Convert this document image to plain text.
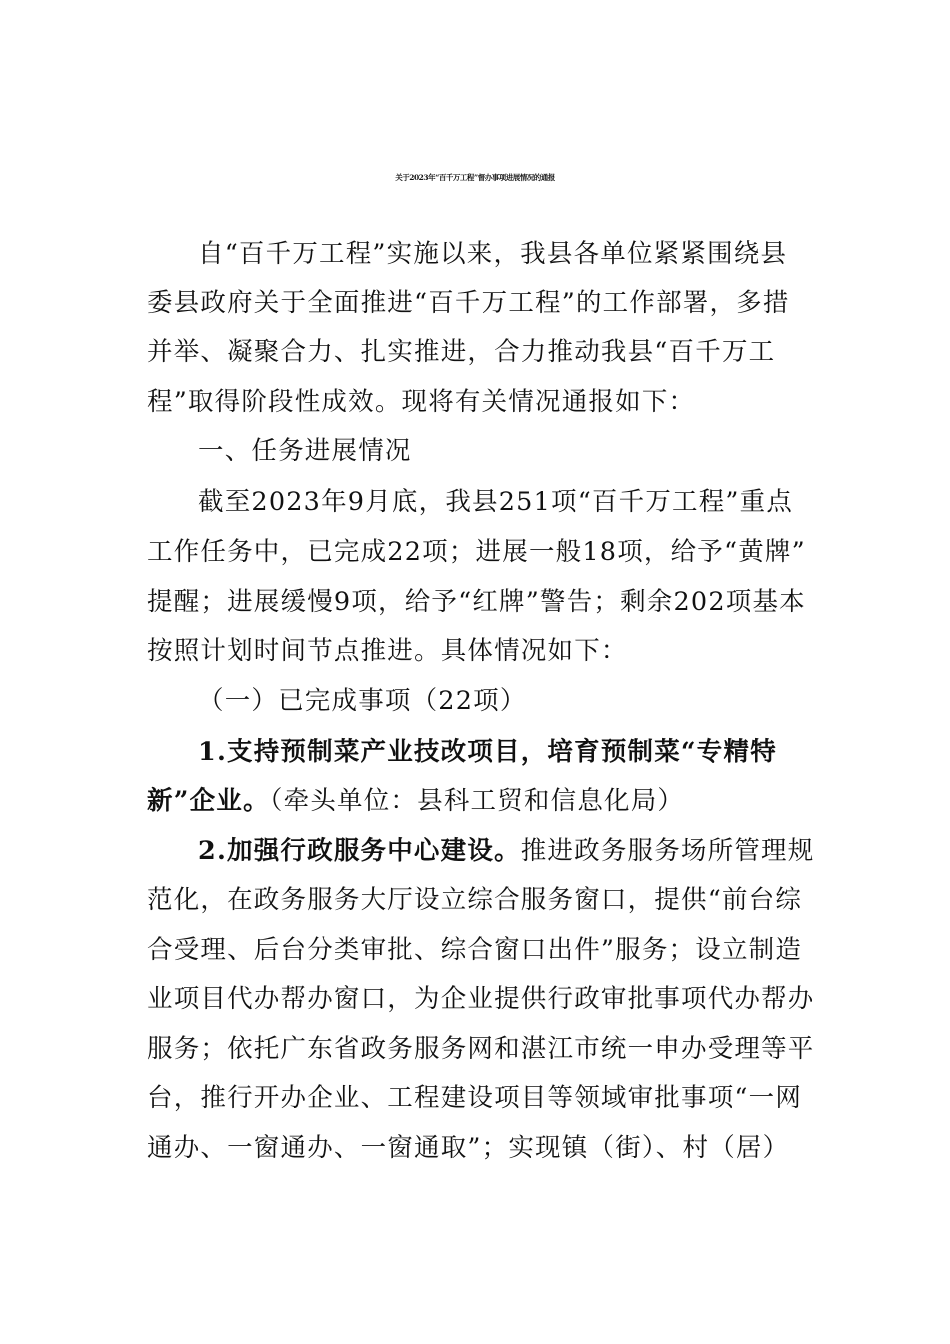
关于2023年“百千万工程”督办事项进展情况的通报
自“百千万工程”实施以来，我县各单位紧紧围绕县
委县政府关于全面推进“百千万工程”的工作部署，多措
并举、凝聚合力、扎实推进，合力推动我县“百千万工
程”取得阶段性成效。现将有关情况通报如下：
一、任务进展情况
截至2023年9月底，我县251项“百千万工程”重点
工作任务中，已完成22项；进展一般18项，给予“黄牌”
提醒；进展缓慢9项，给予“红牌”警告；剩余202项基本
按照计划时间节点推进。具体情况如下：
（一）已完成事项（22项）
1.支持预制菜产业技改项目，培育预制菜“专精特
新”企业。（牵头单位：县科工贸和信息化局）
2.加强行政服务中心建设。推进政务服务场所管理规
范化，在政务服务大厅设立综合服务窗口，提供“前台综
合受理、后台分类审批、综合窗口出件”服务；设立制造
业项目代办帮办窗口，为企业提供行政审批事项代办帮办
服务；依托广东省政务服务网和湛江市统一申办受理等平
台，推行开办企业、工程建设项目等领域审批事项“一网
通办、一窗通办、一窗通取”；实现镇（街）、村（居）
